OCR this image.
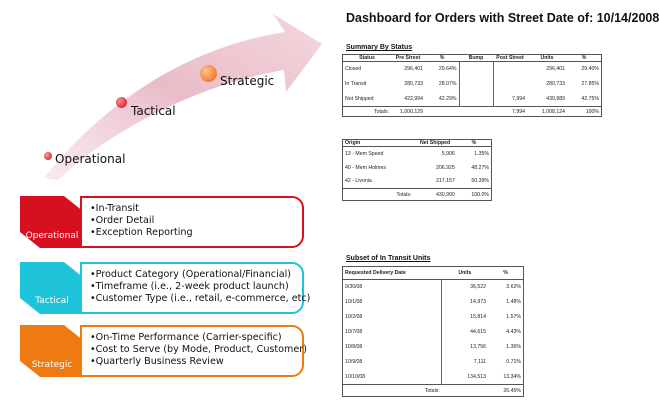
Operational
Tactical
Strategic
Operational
• In-Transit
• Order Detail
• Exception Reporting
Tactical
• Product Category (Operational/Financial)
• Timeframe (i.e., 2-week product launch)
• Customer Type (i.e., retail, e-commerce, etc)
Strategic
• On-Time Performance (Carrier-specific)
• Cost to Serve (by Mode, Product, Customer)
• Quarterly Business Review
Dashboard for Orders with Street Date of: 10/14/2008
Summary By Status
Status	Pre Street	%	Bump	Post Street	Units	%
Closed	296,401	29.64%			296,401	29.40%
In Transit	280,733	28.07%			280,733	27.85%
Not Shipped	422,994	42.29%		7,994	430,989	42.75%
Totals:	1,000,129			7,994	1,008,124	100%
Origin	Net Shipped	%
13 - Mem Speed	5,906	1.35%
40 - Mem Holmes	206,925	48.27%
42 - Livonia	217,157	50.39%
Totals:	430,990	100.0%
Subset of In Transit Units
Requested Delivery Date	Units	%
9/30/08	36,522	3.62%
10/1/08	14,973	1.48%
10/2/08	15,814	1.57%
10/7/08	44,615	4.43%
10/8/08	13,756	1.36%
10/9/08	7,111	0.71%
10/10/08	134,513	13.34%
Totals:		26.45%
